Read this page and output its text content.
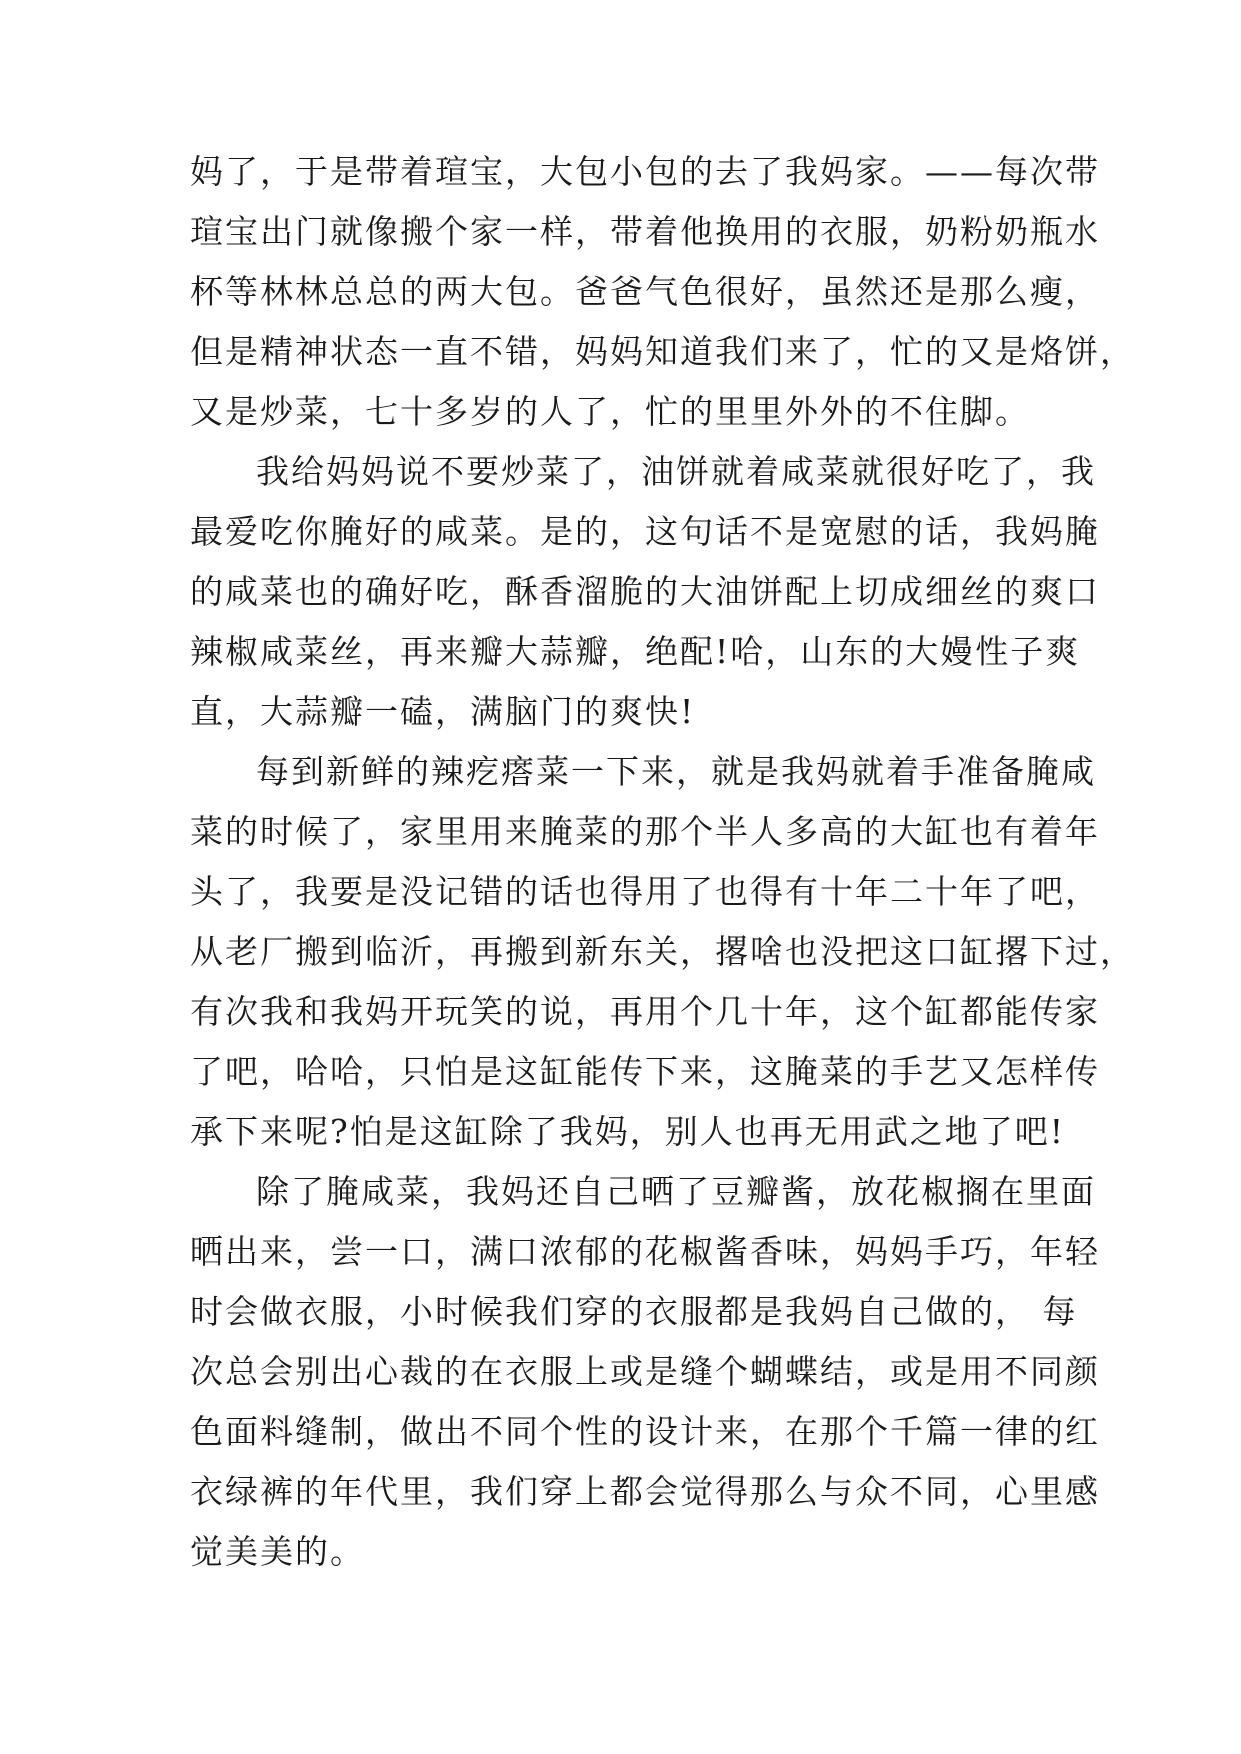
妈了，于是带着瑄宝，大包小包的去了我妈家。——每次带
瑄宝出门就像搬个家一样，带着他换用的衣服，奶粉奶瓶水
杯等林林总总的两大包。爸爸气色很好，虽然还是那么瘦，
但是精神状态一直不错，妈妈知道我们来了，忙的又是烙饼，
又是炒菜，七十多岁的人了，忙的里里外外的不住脚。

我给妈妈说不要炒菜了，油饼就着咸菜就很好吃了，我
最爱吃你腌好的咸菜。是的，这句话不是宽慰的话，我妈腌
的咸菜也的确好吃，酥香溜脆的大油饼配上切成细丝的爽口
辣椒咸菜丝，再来瓣大蒜瓣，绝配!哈，山东的大嫚性子爽
直，大蒜瓣一磕，满脑门的爽快!

每到新鲜的辣疙瘩菜一下来，就是我妈就着手准备腌咸
菜的时候了，家里用来腌菜的那个半人多高的大缸也有着年
头了，我要是没记错的话也得用了也得有十年二十年了吧，
从老厂搬到临沂，再搬到新东关，撂啥也没把这口缸撂下过，
有次我和我妈开玩笑的说，再用个几十年，这个缸都能传家
了吧，哈哈，只怕是这缸能传下来，这腌菜的手艺又怎样传
承下来呢?怕是这缸除了我妈，别人也再无用武之地了吧!

除了腌咸菜，我妈还自己晒了豆瓣酱，放花椒搁在里面
晒出来，尝一口，满口浓郁的花椒酱香味，妈妈手巧，年轻
时会做衣服，小时候我们穿的衣服都是我妈自己做的， 每
次总会别出心裁的在衣服上或是缝个蝴蝶结，或是用不同颜
色面料缝制，做出不同个性的设计来，在那个千篇一律的红
衣绿裤的年代里，我们穿上都会觉得那么与众不同，心里感
觉美美的。
